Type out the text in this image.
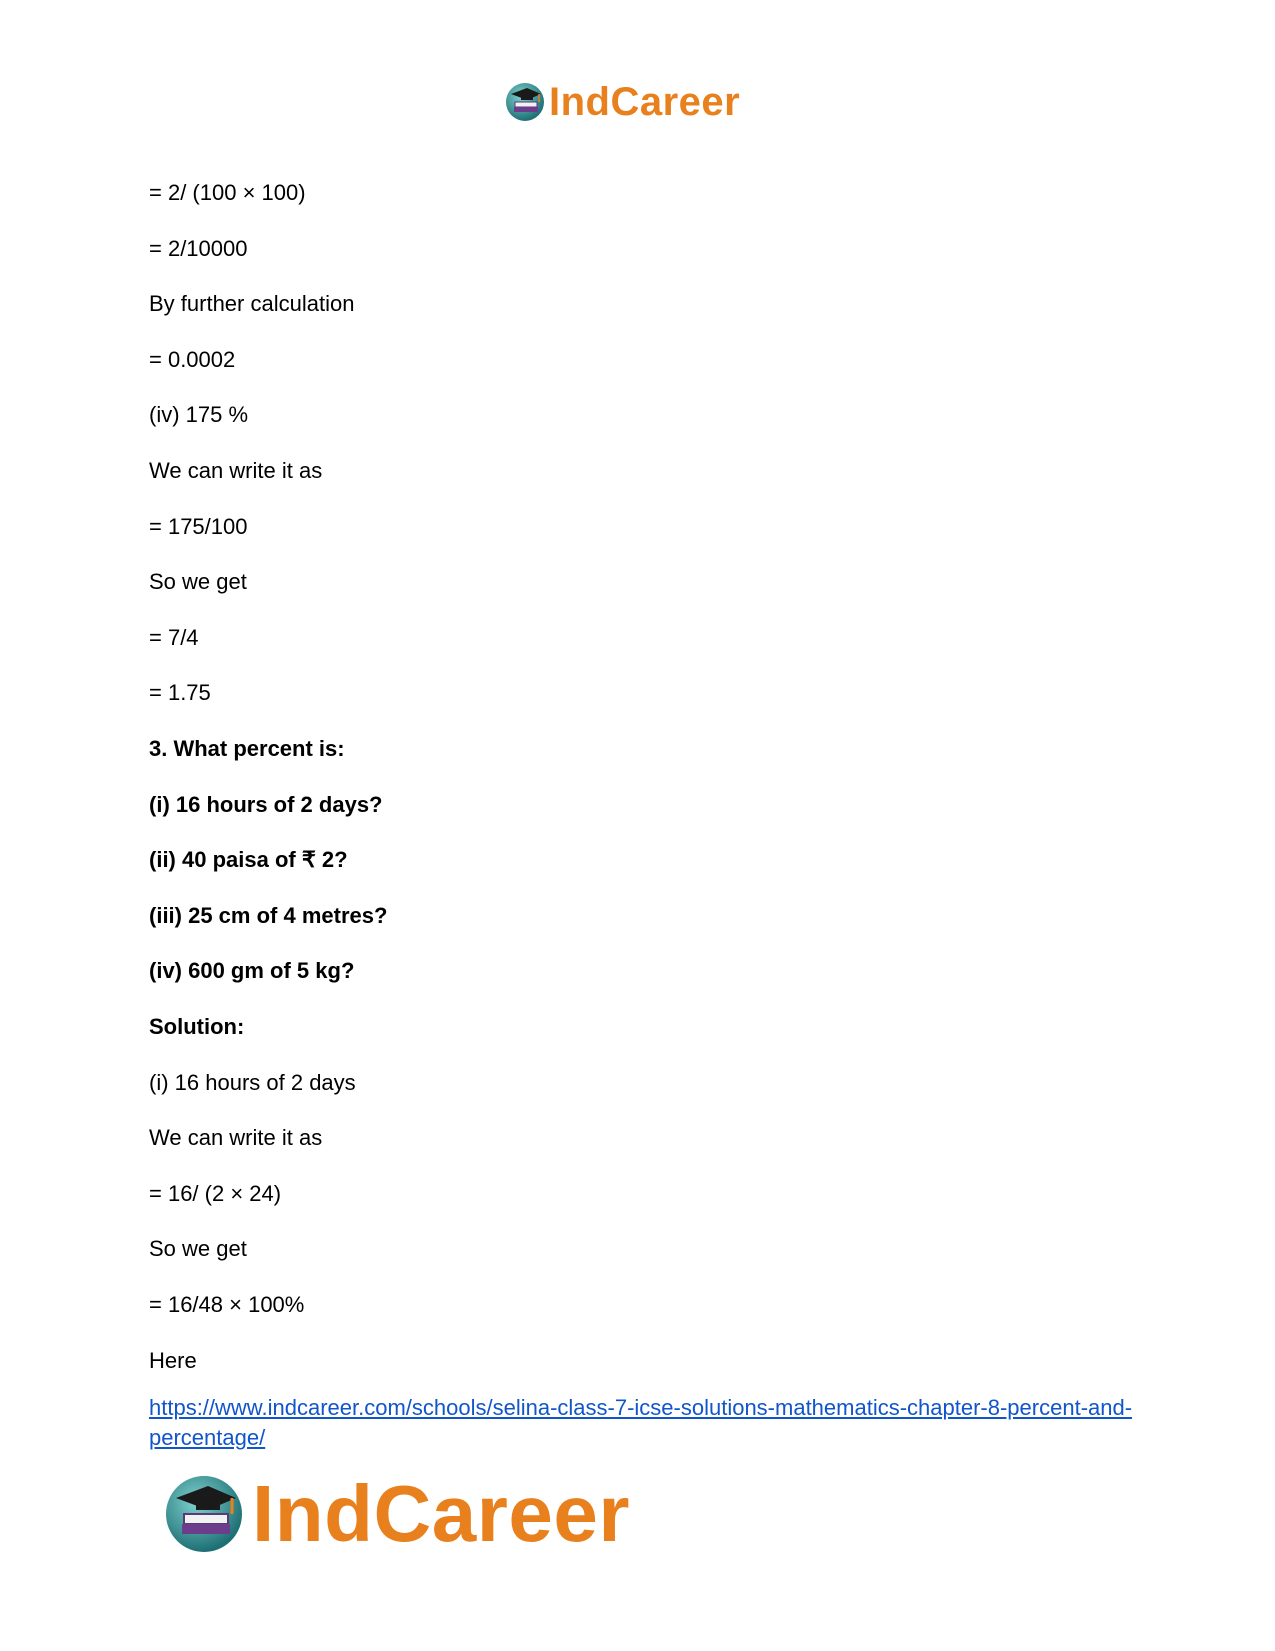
IndCareer
= 2/ (100 × 100)
= 2/10000
By further calculation
= 0.0002
(iv) 175 %
We can write it as
= 175/100
So we get
= 7/4
= 1.75
3. What percent is:
(i) 16 hours of 2 days?
(ii) 40 paisa of ₹ 2?
(iii) 25 cm of 4 metres?
(iv) 600 gm of 5 kg?
Solution:
(i) 16 hours of 2 days
We can write it as
= 16/ (2 × 24)
So we get
= 16/48 × 100%
Here
https://www.indcareer.com/schools/selina-class-7-icse-solutions-mathematics-chapter-8-percent-and-percentage/
IndCareer
